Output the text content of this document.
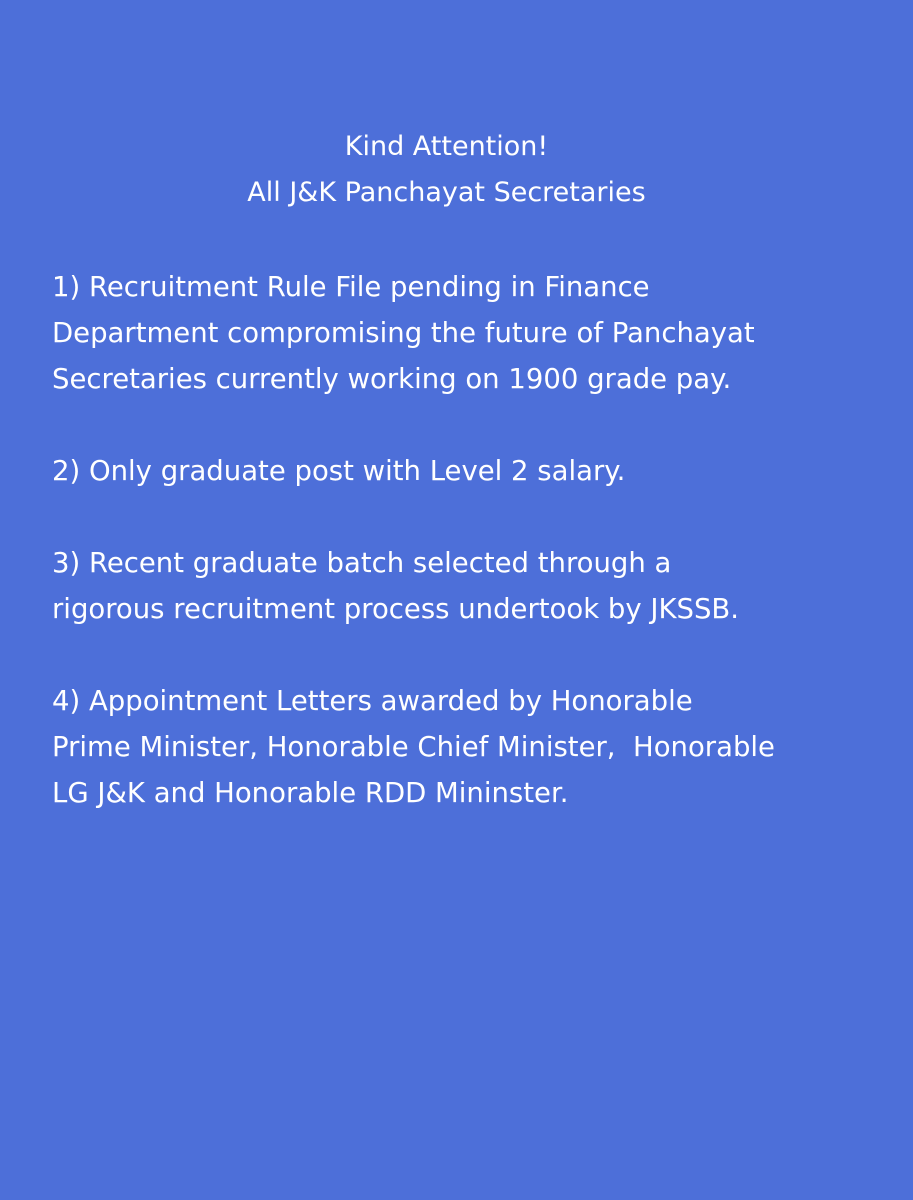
Kind Attention!
All J&K Panchayat Secretaries
1) Recruitment Rule File pending in Finance
Department compromising the future of Panchayat
Secretaries currently working on 1900 grade pay.
2) Only graduate post with Level 2 salary.
3) Recent graduate batch selected through a
rigorous recruitment process undertook by JKSSB.
4) Appointment Letters awarded by Honorable
Prime Minister, Honorable Chief Minister,  Honorable
LG J&K and Honorable RDD Mininster.
